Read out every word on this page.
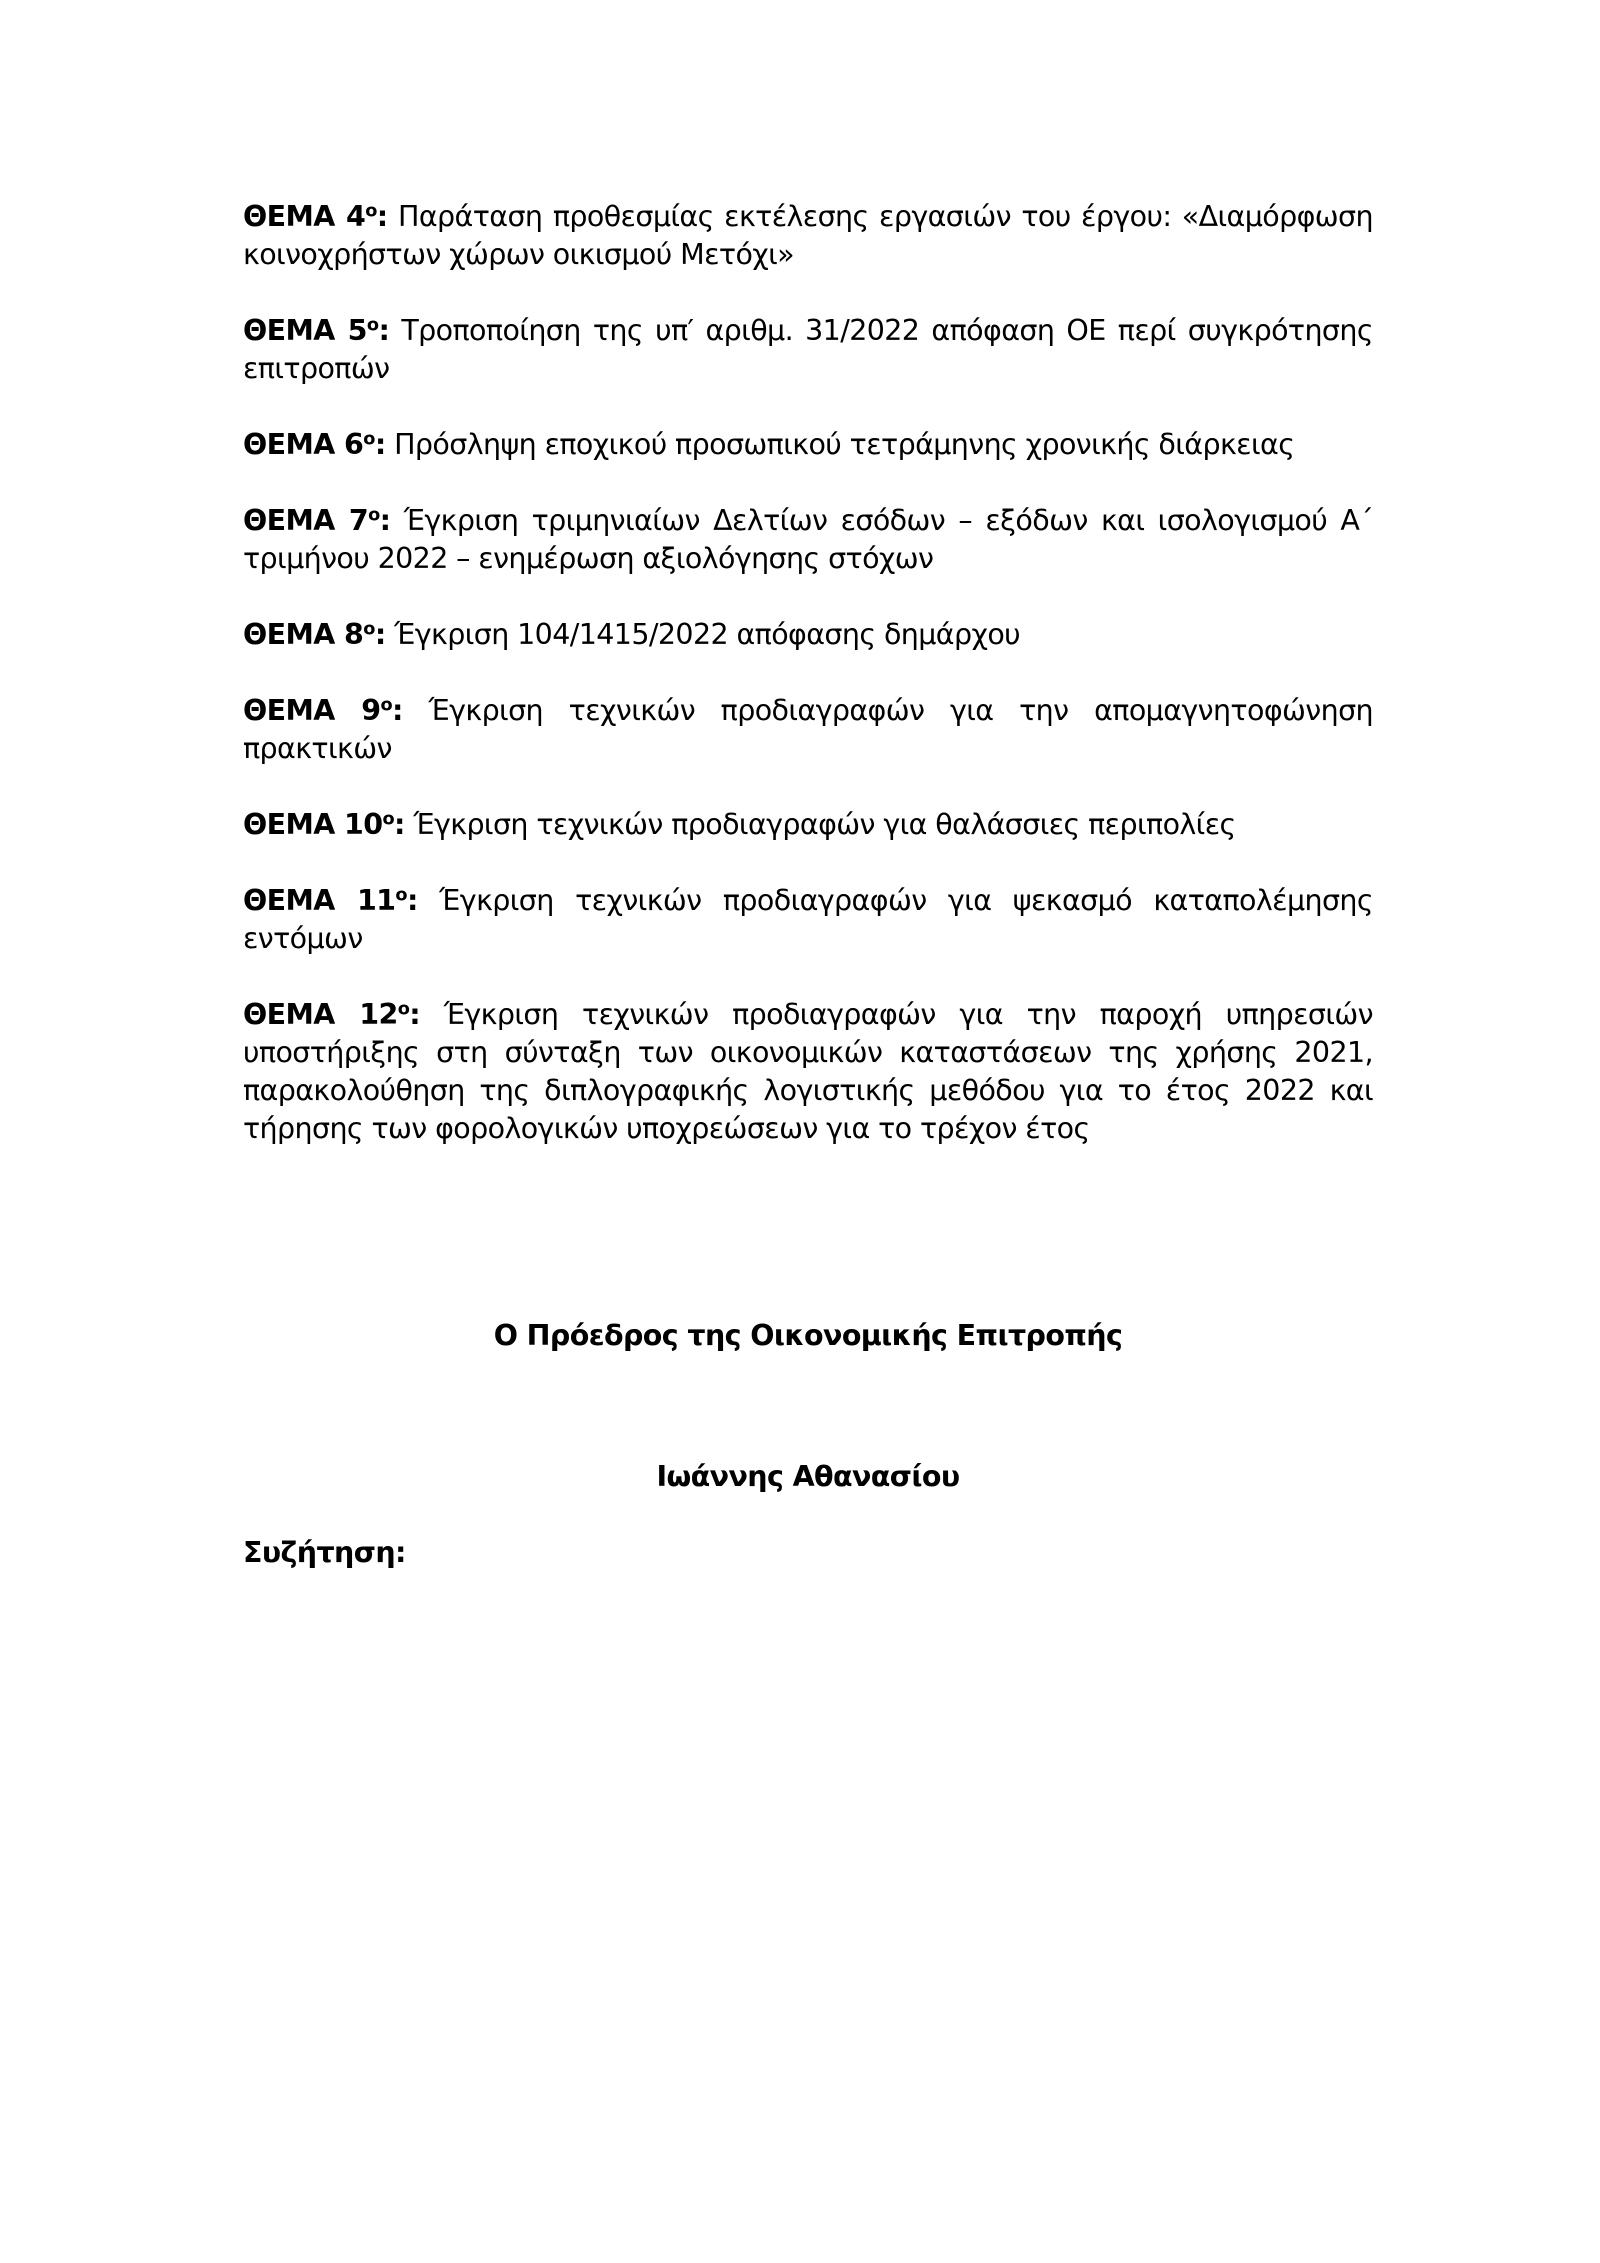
ΘΕΜΑ $4^o$: Παράταση προθεσμίας εκτέλεσης εργασιών του έργου: «Διαμόρφωση κοινοχρήστων χώρων οικισμού Μετόχι»

ΘΕΜΑ $5^o$: Τροποποίηση της υπ′ αριθμ. 31/2022 απόφαση ΟΕ περί συγκρότησης επιτροπών

ΘΕΜΑ $6^o$: Πρόσληψη εποχικού προσωπικού τετράμηνης χρονικής διάρκειας

ΘΕΜΑ $7^o$: Έγκριση τριμηνιαίων Δελτίων εσόδων – εξόδων και ισολογισμού Α΄ τριμήνου 2022 – ενημέρωση αξιολόγησης στόχων

ΘΕΜΑ $8^o$: Έγκριση 104/1415/2022 απόφασης δημάρχου

ΘΕΜΑ $9^o$: Έγκριση τεχνικών προδιαγραφών για την απομαγνητοφώνηση πρακτικών

ΘΕΜΑ $10^o$: Έγκριση τεχνικών προδιαγραφών για θαλάσσιες περιπολίες

ΘΕΜΑ $11^o$: Έγκριση τεχνικών προδιαγραφών για ψεκασμό καταπολέμησης εντόμων

ΘΕΜΑ $12^o$: Έγκριση τεχνικών προδιαγραφών για την παροχή υπηρεσιών υποστήριξης στη σύνταξη των οικονομικών καταστάσεων της χρήσης 2021, παρακολούθηση της διπλογραφικής λογιστικής μεθόδου για το έτος 2022 και τήρησης των φορολογικών υποχρεώσεων για το τρέχον έτος

Ο Πρόεδρος της Οικονομικής Επιτροπής
Ιωάννης Αθανασίου
Συζήτηση:
